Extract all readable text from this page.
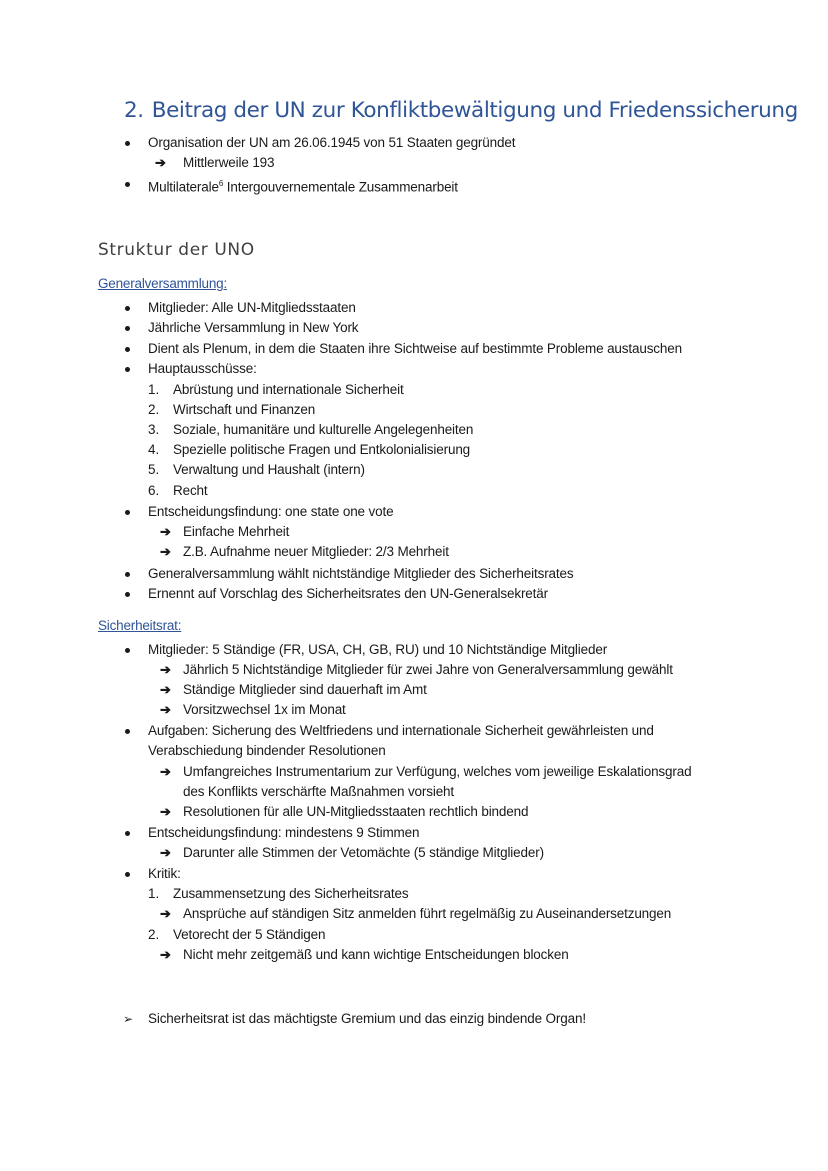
2. Beitrag der UN zur Konfliktbewältigung und Friedenssicherung
Organisation der UN am 26.06.1945 von 51 Staaten gegründet
➔ Mittlerweile 193
Multilaterale$^6$ Intergouvernementale Zusammenarbeit
Struktur der UNO
Generalversammlung:
Mitglieder: Alle UN-Mitgliedsstaaten
Jährliche Versammlung in New York
Dient als Plenum, in dem die Staaten ihre Sichtweise auf bestimmte Probleme austauschen
Hauptausschüsse:
1. Abrüstung und internationale Sicherheit
2. Wirtschaft und Finanzen
3. Soziale, humanitäre und kulturelle Angelegenheiten
4. Spezielle politische Fragen und Entkolonialisierung
5. Verwaltung und Haushalt (intern)
6. Recht
Entscheidungsfindung: one state one vote
➔ Einfache Mehrheit
➔ Z.B. Aufnahme neuer Mitglieder: 2/3 Mehrheit
Generalversammlung wählt nichtständige Mitglieder des Sicherheitsrates
Ernennt auf Vorschlag des Sicherheitsrates den UN-Generalsekretär
Sicherheitsrat:
Mitglieder: 5 Ständige (FR, USA, CH, GB, RU) und 10 Nichtständige Mitglieder
➔ Jährlich 5 Nichtständige Mitglieder für zwei Jahre von Generalversammlung gewählt
➔ Ständige Mitglieder sind dauerhaft im Amt
➔ Vorsitzwechsel 1x im Monat
Aufgaben: Sicherung des Weltfriedens und internationale Sicherheit gewährleisten und
Verabschiedung bindender Resolutionen
➔ Umfangreiches Instrumentarium zur Verfügung, welches vom jeweilige Eskalationsgrad
des Konflikts verschärfte Maßnahmen vorsieht
➔ Resolutionen für alle UN-Mitgliedsstaaten rechtlich bindend
Entscheidungsfindung: mindestens 9 Stimmen
➔ Darunter alle Stimmen der Vetomächte (5 ständige Mitglieder)
Kritik:
1. Zusammensetzung des Sicherheitsrates
➔ Ansprüche auf ständigen Sitz anmelden führt regelmäßig zu Auseinandersetzungen
2. Vetorecht der 5 Ständigen
➔ Nicht mehr zeitgemäß und kann wichtige Entscheidungen blocken
➢ Sicherheitsrat ist das mächtigste Gremium und das einzig bindende Organ!
